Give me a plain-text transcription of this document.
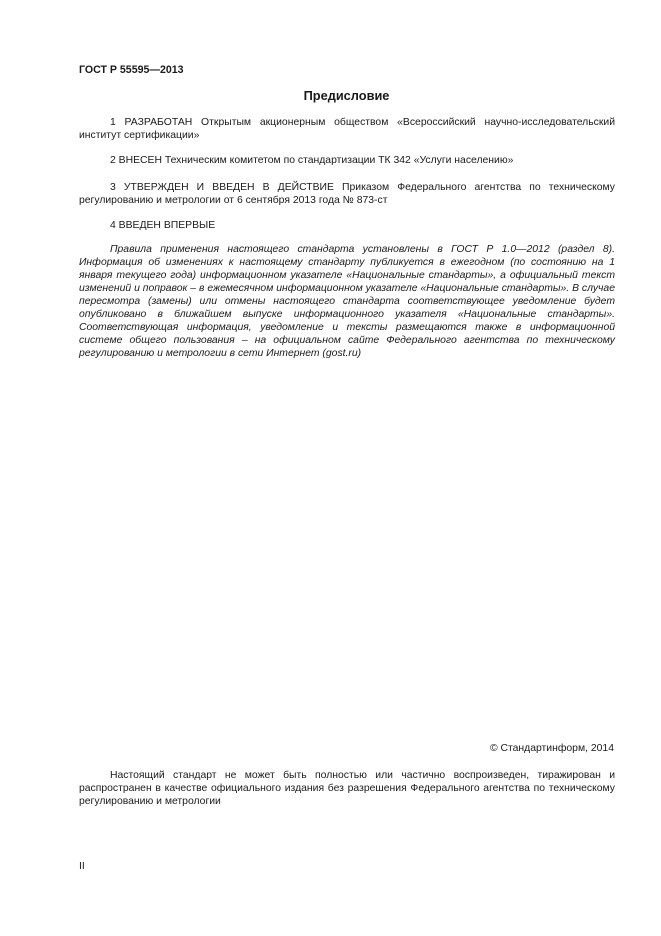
ГОСТ Р 55595—2013
Предисловие
1 РАЗРАБОТАН Открытым акционерным обществом «Всероссийский научно-исследовательский институт сертификации»
2 ВНЕСЕН Техническим комитетом по стандартизации ТК 342 «Услуги населению»
3 УТВЕРЖДЕН И ВВЕДЕН В ДЕЙСТВИЕ Приказом Федерального агентства по техническому регулированию и метрологии от 6 сентября 2013 года № 873-ст
4 ВВЕДЕН ВПЕРВЫЕ
Правила применения настоящего стандарта установлены в ГОСТ Р 1.0—2012 (раздел 8). Информация об изменениях к настоящему стандарту публикуется в ежегодном (по состоянию на 1 января текущего года) информационном указателе «Национальные стандарты», а официальный текст изменений и поправок – в ежемесячном информационном указателе «Национальные стандарты». В случае пересмотра (замены) или отмены настоящего стандарта соответствующее уведомление будет опубликовано в ближайшем выпуске информационного указателя «Национальные стандарты». Соответствующая информация, уведомление и тексты размещаются также в информационной системе общего пользования – на официальном сайте Федерального агентства по техническому регулированию и метрологии в сети Интернет (gost.ru)
© Стандартинформ, 2014
Настоящий стандарт не может быть полностью или частично воспроизведен, тиражирован и распространен в качестве официального издания без разрешения Федерального агентства по техническому регулированию и метрологии
II
